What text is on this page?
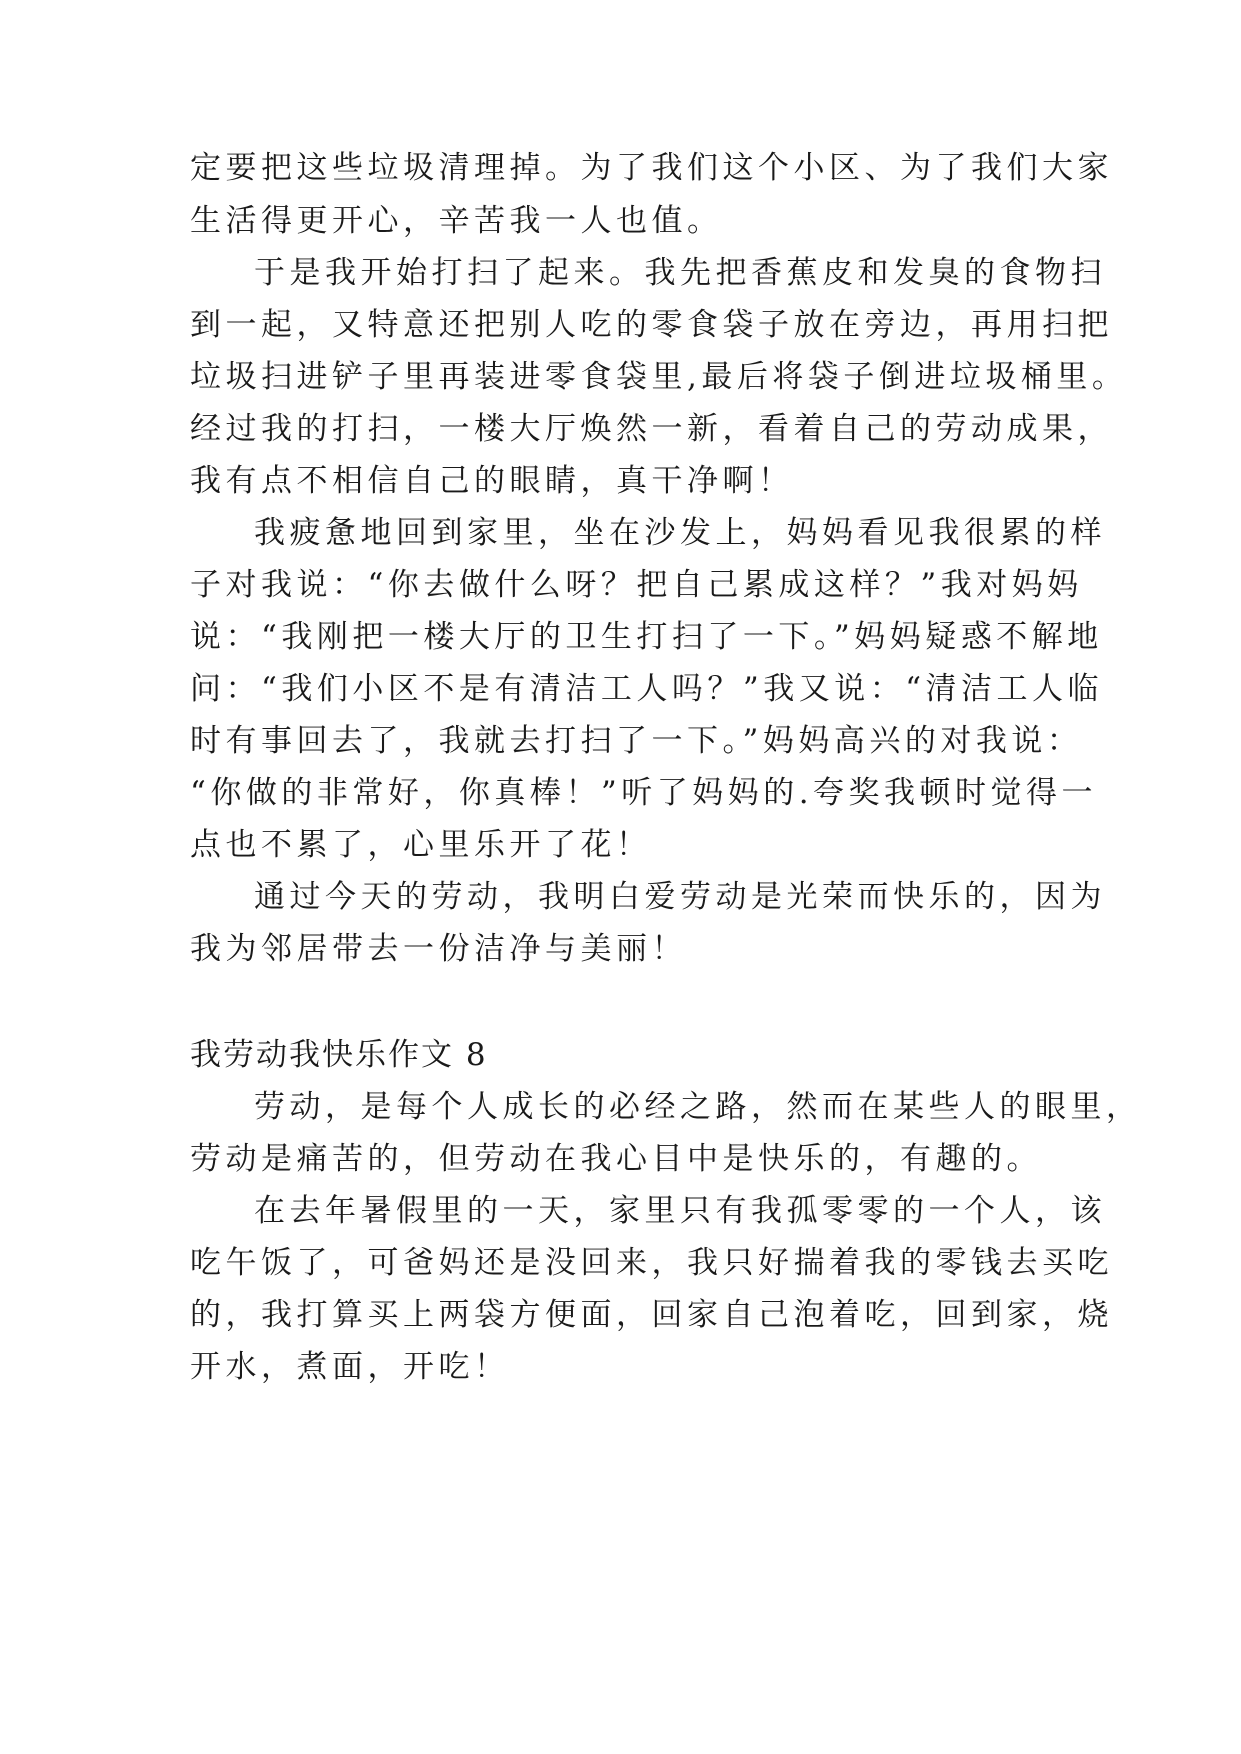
定要把这些垃圾清理掉。为了我们这个小区、为了我们大家
生活得更开心，辛苦我一人也值。
于是我开始打扫了起来。我先把香蕉皮和发臭的食物扫
到一起，又特意还把别人吃的零食袋子放在旁边，再用扫把
垃圾扫进铲子里再装进零食袋里,最后将袋子倒进垃圾桶里。
经过我的打扫，一楼大厅焕然一新，看着自己的劳动成果，
我有点不相信自己的眼睛，真干净啊！
我疲惫地回到家里，坐在沙发上，妈妈看见我很累的样
子对我说：“你去做什么呀？把自己累成这样？”我对妈妈
说：“我刚把一楼大厅的卫生打扫了一下。”妈妈疑惑不解地
问：“我们小区不是有清洁工人吗？”我又说：“清洁工人临
时有事回去了，我就去打扫了一下。”妈妈高兴的对我说：
“你做的非常好，你真棒！”听了妈妈的.夸奖我顿时觉得一
点也不累了，心里乐开了花！
通过今天的劳动，我明白爱劳动是光荣而快乐的，因为
我为邻居带去一份洁净与美丽！
我劳动我快乐作文 8
劳动，是每个人成长的必经之路，然而在某些人的眼里，
劳动是痛苦的，但劳动在我心目中是快乐的，有趣的。
在去年暑假里的一天，家里只有我孤零零的一个人，该
吃午饭了，可爸妈还是没回来，我只好揣着我的零钱去买吃
的，我打算买上两袋方便面，回家自己泡着吃，回到家，烧
开水，煮面，开吃！
